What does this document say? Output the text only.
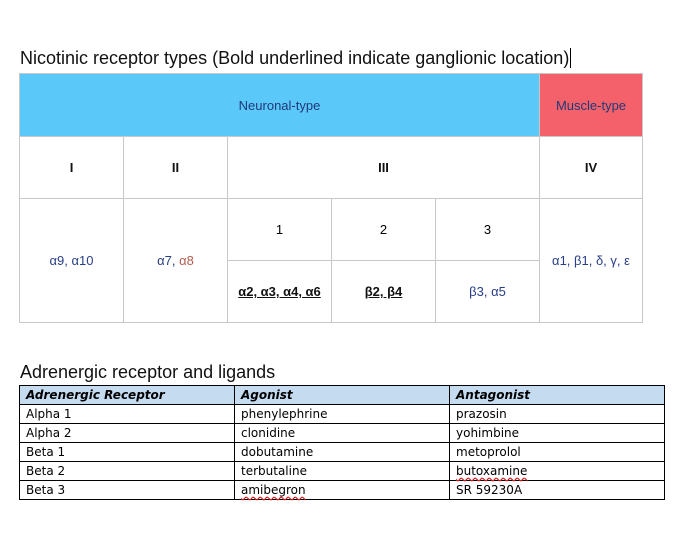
Nicotinic receptor types (Bold underlined indicate ganglionic location)
Neuronal-type					Muscle-type
I	II	III			IV
α9, α10	α7, α8	1	2	3	α1, β1, δ, γ, ε
		α2, α3, α4, α6	β2, β4	β3, α5	
Adrenergic receptor and ligands
Adrenergic Receptor	Agonist	Antagonist
Alpha 1	phenylephrine	prazosin
Alpha 2	clonidine	yohimbine
Beta 1	dobutamine	metoprolol
Beta 2	terbutaline	butoxamine
Beta 3	amibegron	SR 59230A
